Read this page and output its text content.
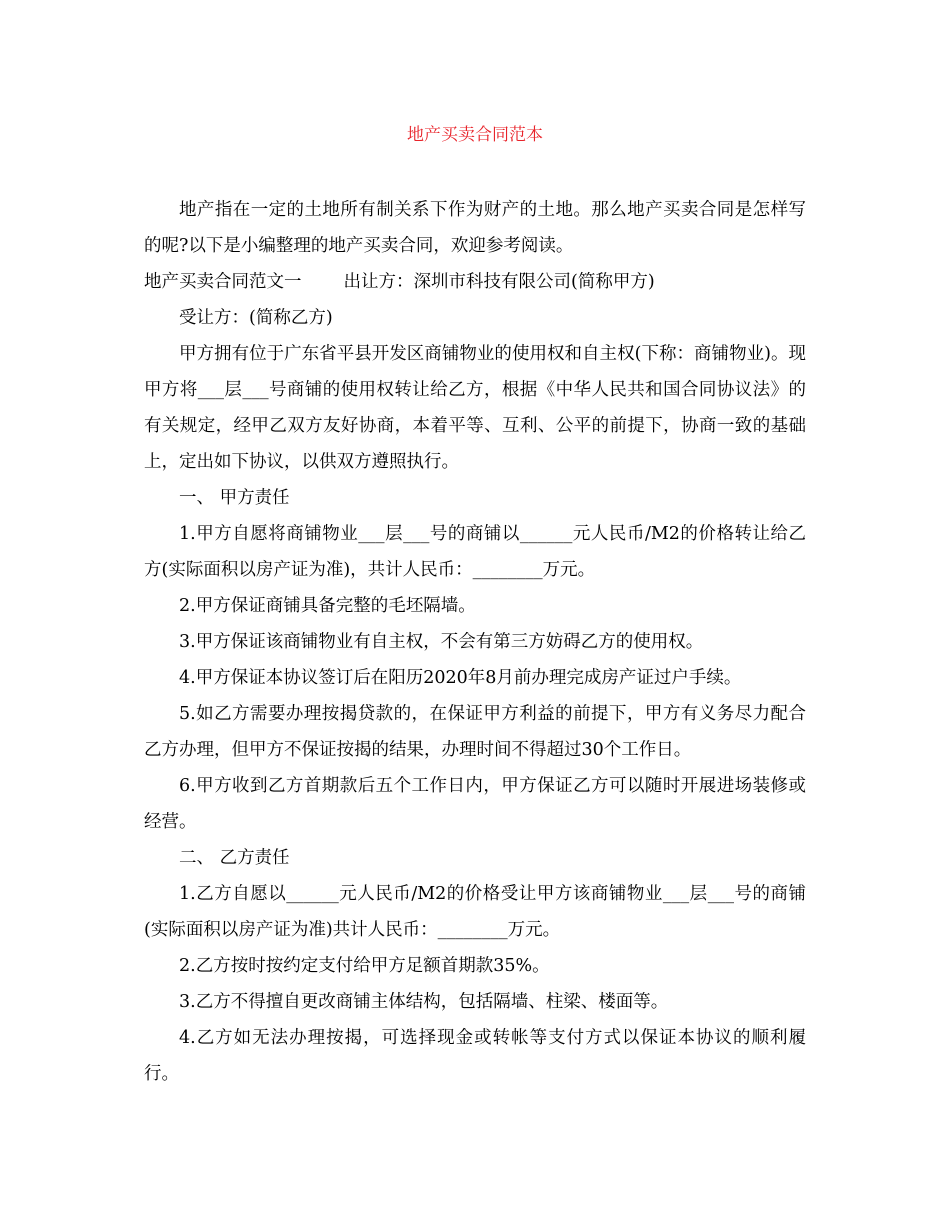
地产买卖合同范本

地产指在一定的土地所有制关系下作为财产的土地。那么地产买卖合同是怎样写的呢?以下是小编整理的地产买卖合同，欢迎参考阅读。

地产买卖合同范文一 出让方：深圳市科技有限公司(简称甲方)

受让方：(简称乙方)

甲方拥有位于广东省平县开发区商铺物业的使用权和自主权(下称：商铺物业)。现甲方将___层___号商铺的使用权转让给乙方，根据《中华人民共和国合同协议法》的有关规定，经甲乙双方友好协商，本着平等、互利、公平的前提下，协商一致的基础上，定出如下协议，以供双方遵照执行。

一、 甲方责任

1.甲方自愿将商铺物业___层___号的商铺以______元人民币/M2的价格转让给乙方(实际面积以房产证为准)，共计人民币：________万元。

2.甲方保证商铺具备完整的毛坯隔墙。

3.甲方保证该商铺物业有自主权，不会有第三方妨碍乙方的使用权。

4.甲方保证本协议签订后在阳历2020年8月前办理完成房产证过户手续。

5.如乙方需要办理按揭贷款的，在保证甲方利益的前提下，甲方有义务尽力配合乙方办理，但甲方不保证按揭的结果，办理时间不得超过30个工作日。

6.甲方收到乙方首期款后五个工作日内，甲方保证乙方可以随时开展进场装修或经营。

二、 乙方责任

1.乙方自愿以______元人民币/M2的价格受让甲方该商铺物业___层___号的商铺(实际面积以房产证为准)共计人民币：________万元。

2.乙方按时按约定支付给甲方足额首期款35%。

3.乙方不得擅自更改商铺主体结构，包括隔墙、柱梁、楼面等。

4.乙方如无法办理按揭，可选择现金或转帐等支付方式以保证本协议的顺利履行。
